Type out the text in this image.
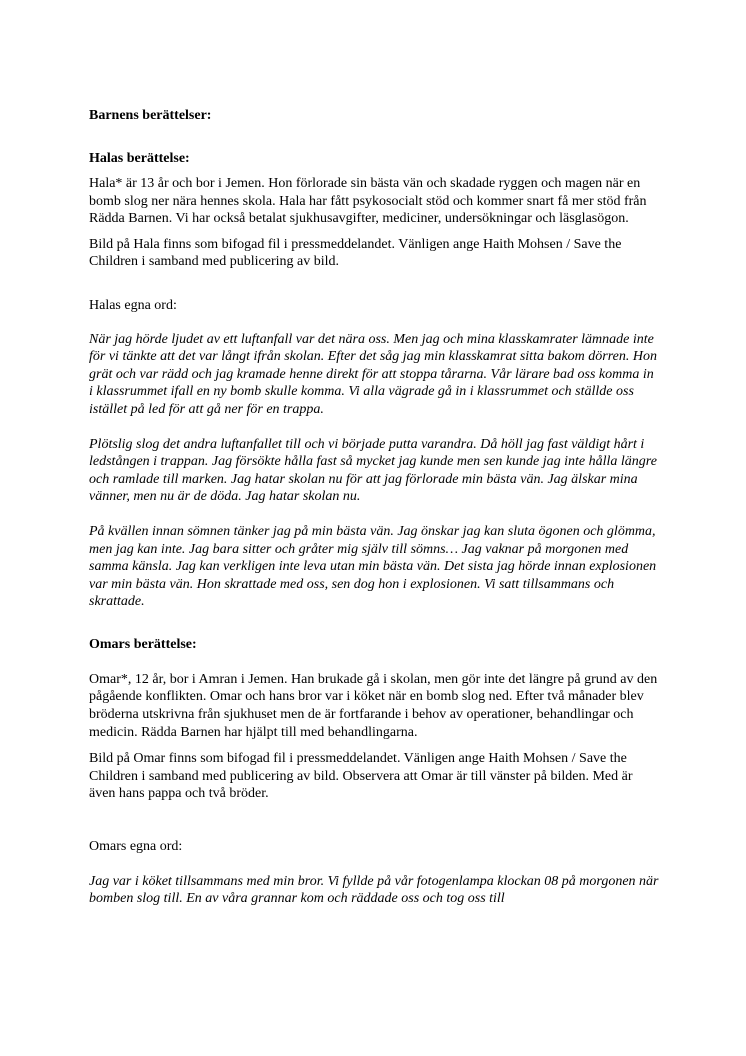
Barnens berättelser:

Halas berättelse:

Hala* är 13 år och bor i Jemen. Hon förlorade sin bästa vän och skadade ryggen och magen när en bomb slog ner nära hennes skola. Hala har fått psykosocialt stöd och kommer snart få mer stöd från Rädda Barnen. Vi har också betalat sjukhusavgifter, mediciner, undersökningar och läsglasögon.

Bild på Hala finns som bifogad fil i pressmeddelandet. Vänligen ange Haith Mohsen / Save the Children i samband med publicering av bild.

Halas egna ord:

När jag hörde ljudet av ett luftanfall var det nära oss. Men jag och mina klasskamrater lämnade inte för vi tänkte att det var långt ifrån skolan. Efter det såg jag min klasskamrat sitta bakom dörren. Hon grät och var rädd och jag kramade henne direkt för att stoppa tårarna. Vår lärare bad oss komma in i klassrummet ifall en ny bomb skulle komma. Vi alla vägrade gå in i klassrummet och ställde oss istället på led för att gå ner för en trappa.

Plötslig slog det andra luftanfallet till och vi började putta varandra. Då höll jag fast väldigt hårt i ledstången i trappan. Jag försökte hålla fast så mycket jag kunde men sen kunde jag inte hålla längre och ramlade till marken. Jag hatar skolan nu för att jag förlorade min bästa vän. Jag älskar mina vänner, men nu är de döda. Jag hatar skolan nu.

På kvällen innan sömnen tänker jag på min bästa vän. Jag önskar jag kan sluta ögonen och glömma, men jag kan inte. Jag bara sitter och gråter mig själv till sömns… Jag vaknar på morgonen med samma känsla. Jag kan verkligen inte leva utan min bästa vän. Det sista jag hörde innan explosionen var min bästa vän. Hon skrattade med oss, sen dog hon i explosionen. Vi satt tillsammans och skrattade.

Omars berättelse:

Omar*, 12 år, bor i Amran i Jemen. Han brukade gå i skolan, men gör inte det längre på grund av den pågående konflikten. Omar och hans bror var i köket när en bomb slog ned. Efter två månader blev bröderna utskrivna från sjukhuset men de är fortfarande i behov av operationer, behandlingar och medicin. Rädda Barnen har hjälpt till med behandlingarna.

Bild på Omar finns som bifogad fil i pressmeddelandet. Vänligen ange Haith Mohsen / Save the Children i samband med publicering av bild. Observera att Omar är till vänster på bilden. Med är även hans pappa och två bröder.

Omars egna ord:

Jag var i köket tillsammans med min bror. Vi fyllde på vår fotogenlampa klockan 08 på morgonen när bomben slog till. En av våra grannar kom och räddade oss och tog oss till
